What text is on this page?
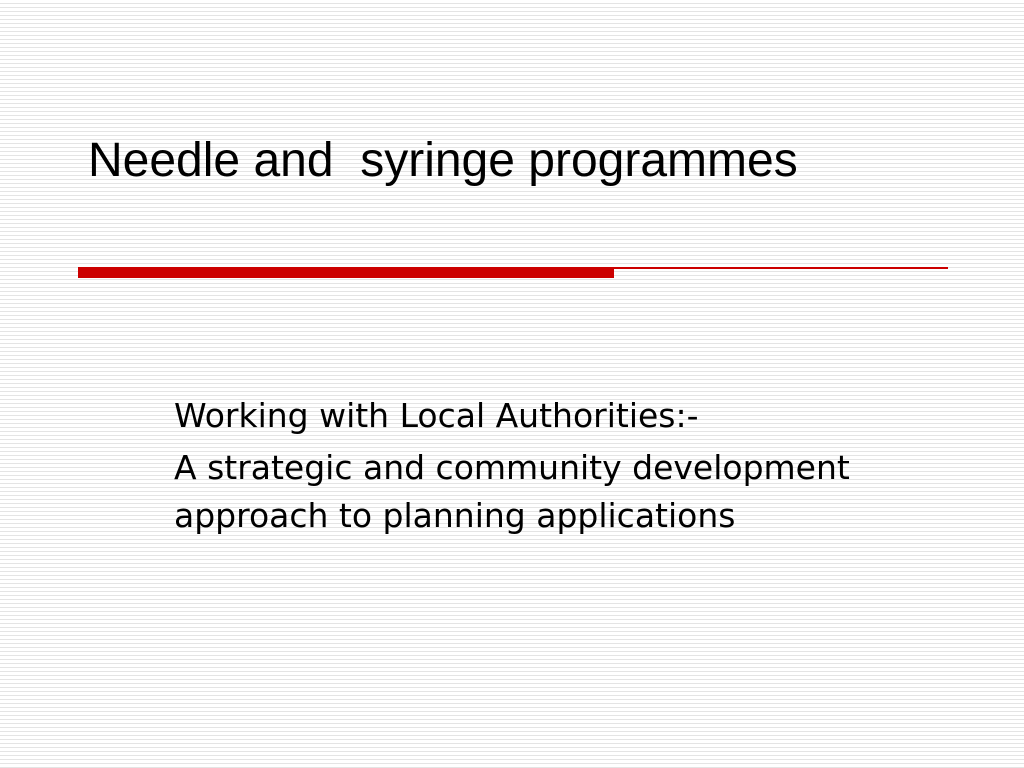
Needle and  syringe programmes

Working with Local Authorities:-

A strategic and community development approach to planning applications
